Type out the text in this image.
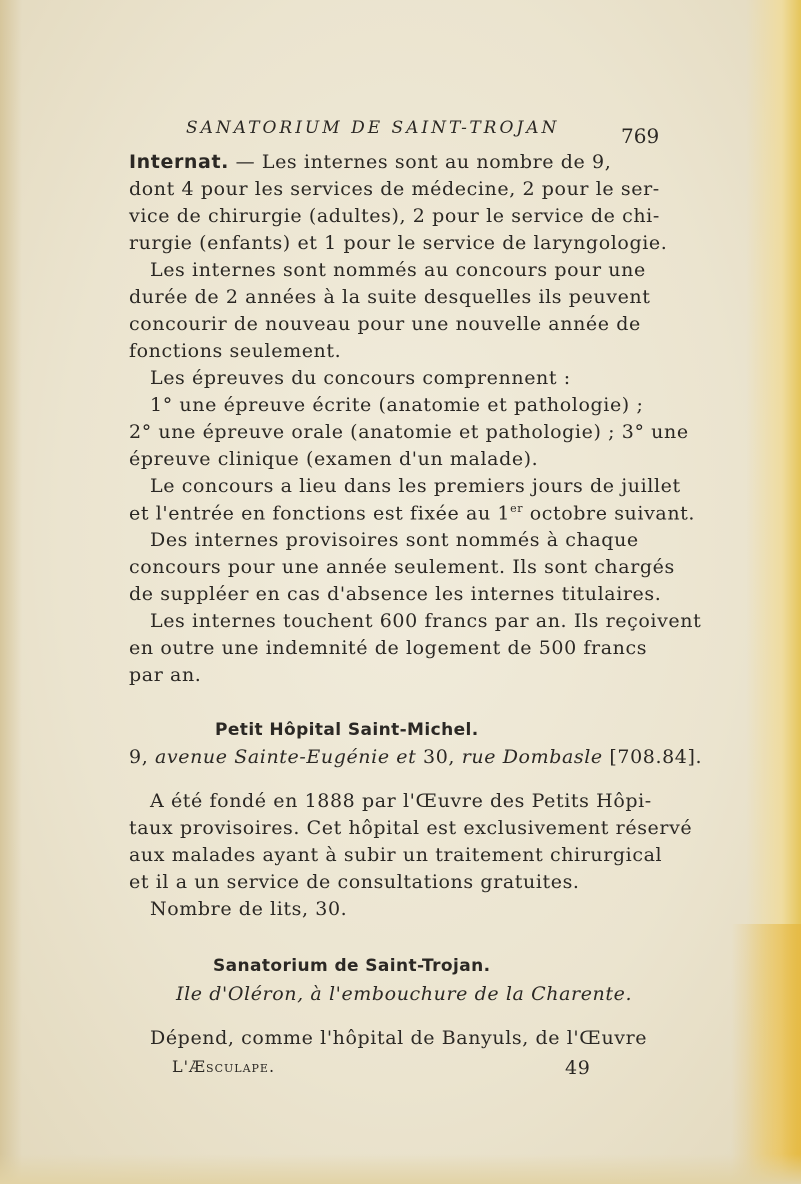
SANATORIUM DE SAINT-TROJAN	769
Internat. — Les internes sont au nombre de 9,
dont 4 pour les services de médecine, 2 pour le ser-
vice de chirurgie (adultes), 2 pour le service de chi-
rurgie (enfants) et 1 pour le service de laryngologie.
Les internes sont nommés au concours pour une
durée de 2 années à la suite desquelles ils peuvent
concourir de nouveau pour une nouvelle année de
fonctions seulement.
Les épreuves du concours comprennent :
1° une épreuve écrite (anatomie et pathologie) ;
2° une épreuve orale (anatomie et pathologie) ; 3° une
épreuve clinique (examen d'un malade).
Le concours a lieu dans les premiers jours de juillet
et l'entrée en fonctions est fixée au 1er octobre suivant.
Des internes provisoires sont nommés à chaque
concours pour une année seulement. Ils sont chargés
de suppléer en cas d'absence les internes titulaires.
Les internes touchent 600 francs par an. Ils reçoivent
en outre une indemnité de logement de 500 francs
par an.
Petit Hôpital Saint-Michel.
9, avenue Sainte-Eugénie et 30, rue Dombasle [708.84].
A été fondé en 1888 par l'Œuvre des Petits Hôpi-
taux provisoires. Cet hôpital est exclusivement réservé
aux malades ayant à subir un traitement chirurgical
et il a un service de consultations gratuites.
Nombre de lits, 30.
Sanatorium de Saint-Trojan.
Ile d'Oléron, à l'embouchure de la Charente.
Dépend, comme l'hôpital de Banyuls, de l'Œuvre
L'Æsculape.	49
